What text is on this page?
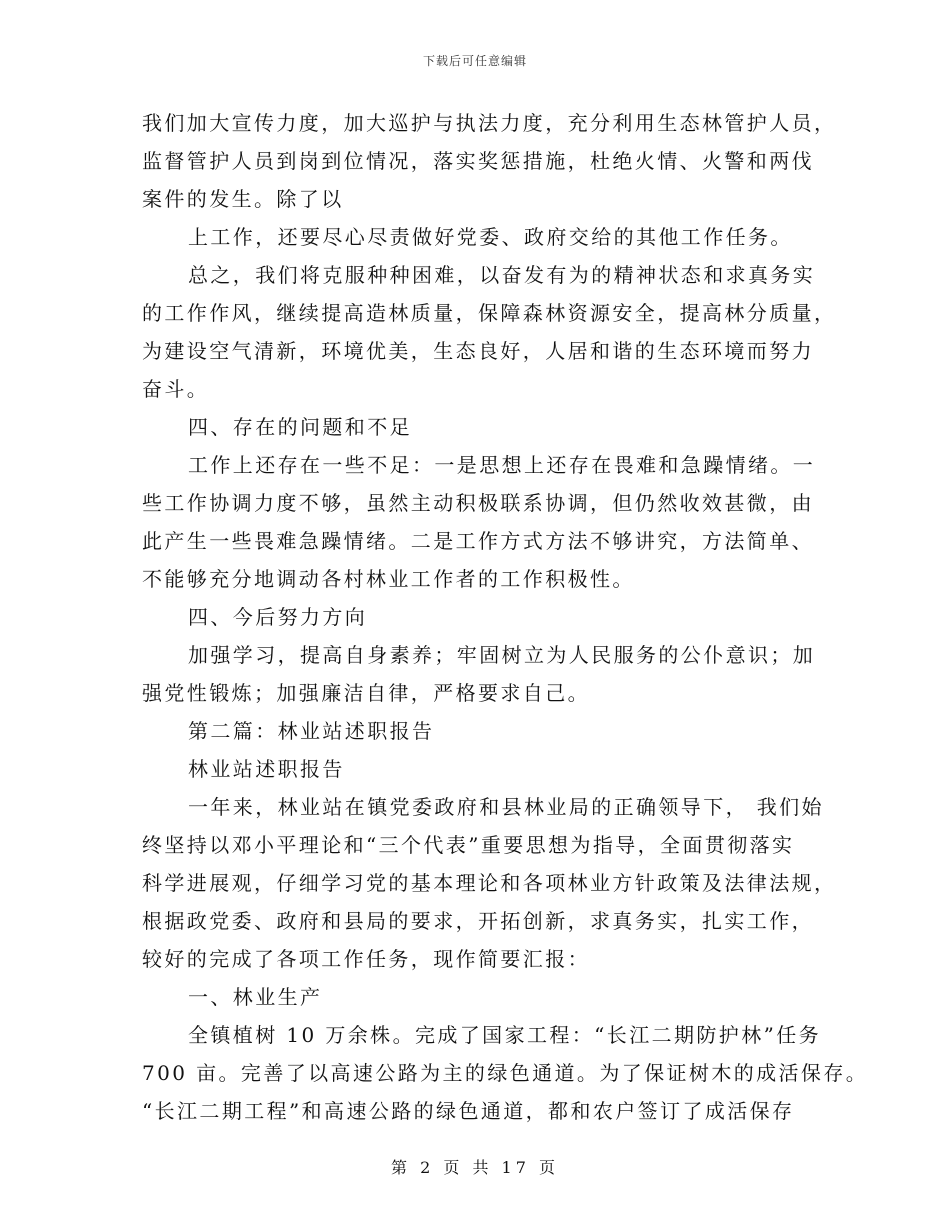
下载后可任意编辑
我们加大宣传力度，加大巡护与执法力度，充分利用生态林管护人员，
监督管护人员到岗到位情况，落实奖惩措施，杜绝火情、火警和两伐
案件的发生。除了以
上工作，还要尽心尽责做好党委、政府交给的其他工作任务。
总之，我们将克服种种困难，以奋发有为的精神状态和求真务实
的工作作风，继续提高造林质量，保障森林资源安全，提高林分质量，
为建设空气清新，环境优美，生态良好，人居和谐的生态环境而努力
奋斗。
四、存在的问题和不足
工作上还存在一些不足：一是思想上还存在畏难和急躁情绪。一
些工作协调力度不够，虽然主动积极联系协调，但仍然收效甚微，由
此产生一些畏难急躁情绪。二是工作方式方法不够讲究，方法简单、
不能够充分地调动各村林业工作者的工作积极性。
四、今后努力方向
加强学习，提高自身素养；牢固树立为人民服务的公仆意识；加
强党性锻炼；加强廉洁自律，严格要求自己。
第二篇：林业站述职报告
林业站述职报告
一年来，林业站在镇党委政府和县林业局的正确领导下， 我们始
终坚持以邓小平理论和“三个代表”重要思想为指导，全面贯彻落实
科学进展观，仔细学习党的基本理论和各项林业方针政策及法律法规，
根据政党委、政府和县局的要求，开拓创新，求真务实，扎实工作，
较好的完成了各项工作任务，现作简要汇报：
一、林业生产
全镇植树 10 万余株。完成了国家工程：“长江二期防护林”任务
700 亩。完善了以高速公路为主的绿色通道。为了保证树木的成活保存。
“长江二期工程”和高速公路的绿色通道，都和农户签订了成活保存
第 2 页 共 17 页
